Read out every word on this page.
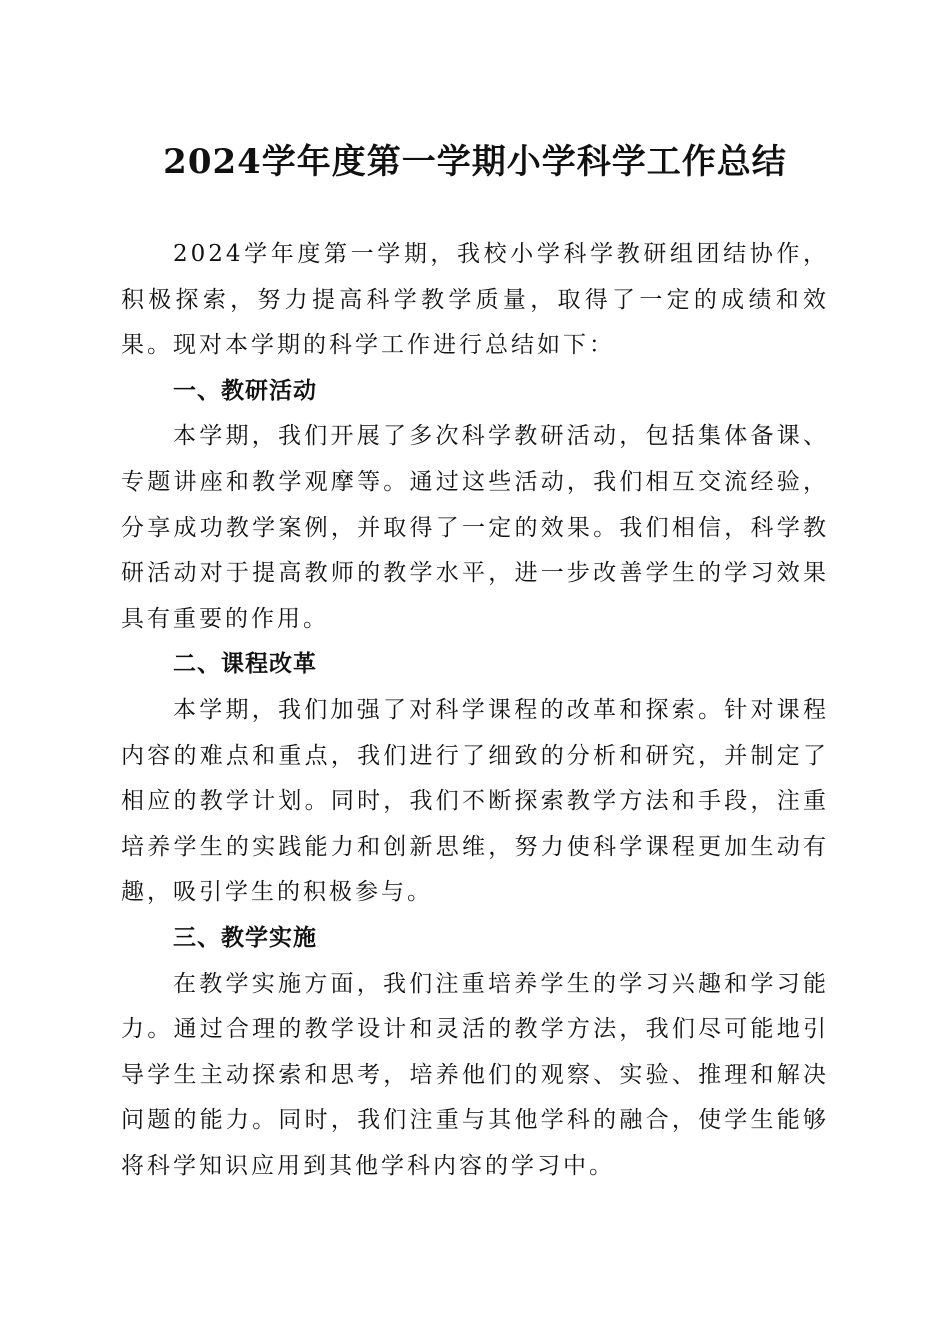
2024学年度第一学期小学科学工作总结

2024学年度第一学期，我校小学科学教研组团结协作，积极探索，努力提高科学教学质量，取得了一定的成绩和效果。现对本学期的科学工作进行总结如下：

一、教研活动

本学期，我们开展了多次科学教研活动，包括集体备课、专题讲座和教学观摩等。通过这些活动，我们相互交流经验，分享成功教学案例，并取得了一定的效果。我们相信，科学教研活动对于提高教师的教学水平，进一步改善学生的学习效果具有重要的作用。

二、课程改革

本学期，我们加强了对科学课程的改革和探索。针对课程内容的难点和重点，我们进行了细致的分析和研究，并制定了相应的教学计划。同时，我们不断探索教学方法和手段，注重培养学生的实践能力和创新思维，努力使科学课程更加生动有趣，吸引学生的积极参与。

三、教学实施

在教学实施方面，我们注重培养学生的学习兴趣和学习能力。通过合理的教学设计和灵活的教学方法，我们尽可能地引导学生主动探索和思考，培养他们的观察、实验、推理和解决问题的能力。同时，我们注重与其他学科的融合，使学生能够将科学知识应用到其他学科内容的学习中。
